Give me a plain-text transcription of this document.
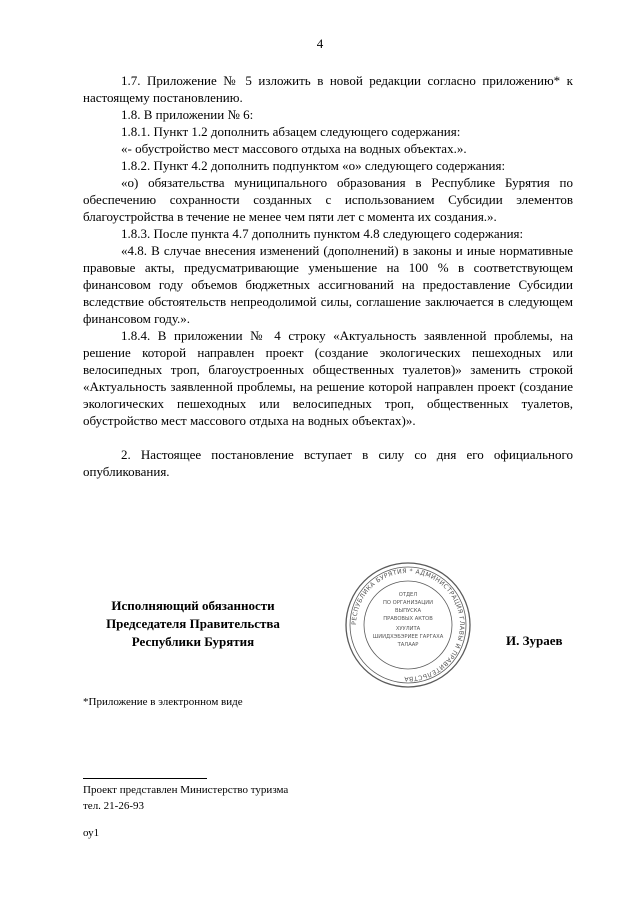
4

1.7. Приложение № 5 изложить в новой редакции согласно приложению* к настоящему постановлению.

1.8. В приложении № 6:

1.8.1. Пункт 1.2 дополнить абзацем следующего содержания:

«- обустройство мест массового отдыха на водных объектах.».

1.8.2. Пункт 4.2 дополнить подпунктом «о» следующего содержания:

«о) обязательства муниципального образования в Республике Бурятия по обеспечению сохранности созданных с использованием Субсидии элементов благоустройства в течение не менее чем пяти лет с момента их создания.».

1.8.3. После пункта 4.7 дополнить пунктом 4.8 следующего содержания:

«4.8. В случае внесения изменений (дополнений) в законы и иные нормативные правовые акты, предусматривающие уменьшение на 100 % в соответствующем финансовом году объемов бюджетных ассигнований на предоставление Субсидии вследствие обстоятельств непреодолимой силы, соглашение заключается в следующем финансовом году.».

1.8.4. В приложении № 4 строку «Актуальность заявленной проблемы, на решение которой направлен проект (создание экологических пешеходных или велосипедных троп, благоустроенных общественных туалетов)» заменить строкой «Актуальность заявленной проблемы, на решение которой направлен проект (создание экологических пешеходных или велосипедных троп, общественных туалетов, обустройство мест массового отдыха на водных объектах)».

2. Настоящее постановление вступает в силу со дня его официального опубликования.

Исполняющий обязанности
Председателя Правительства
Республики Бурятия
РЕСПУБЛИКА БУРЯТИЯ * АДМИНИСТРАЦИЯ ГЛАВЫ И ПРАВИТЕЛЬСТВА
ОТДЕЛ
ПО ОРГАНИЗАЦИИ
ВЫПУСКА
ПРАВОВЫХ АКТОВ
ХУУЛИТА
ШИИДХЭБЭРИЕЕ ГАРГАХА
ТАЛААР	И. Зураев
*Приложение в электронном виде
Проект представлен Министерство туризма
тел. 21-26-93
оу1
